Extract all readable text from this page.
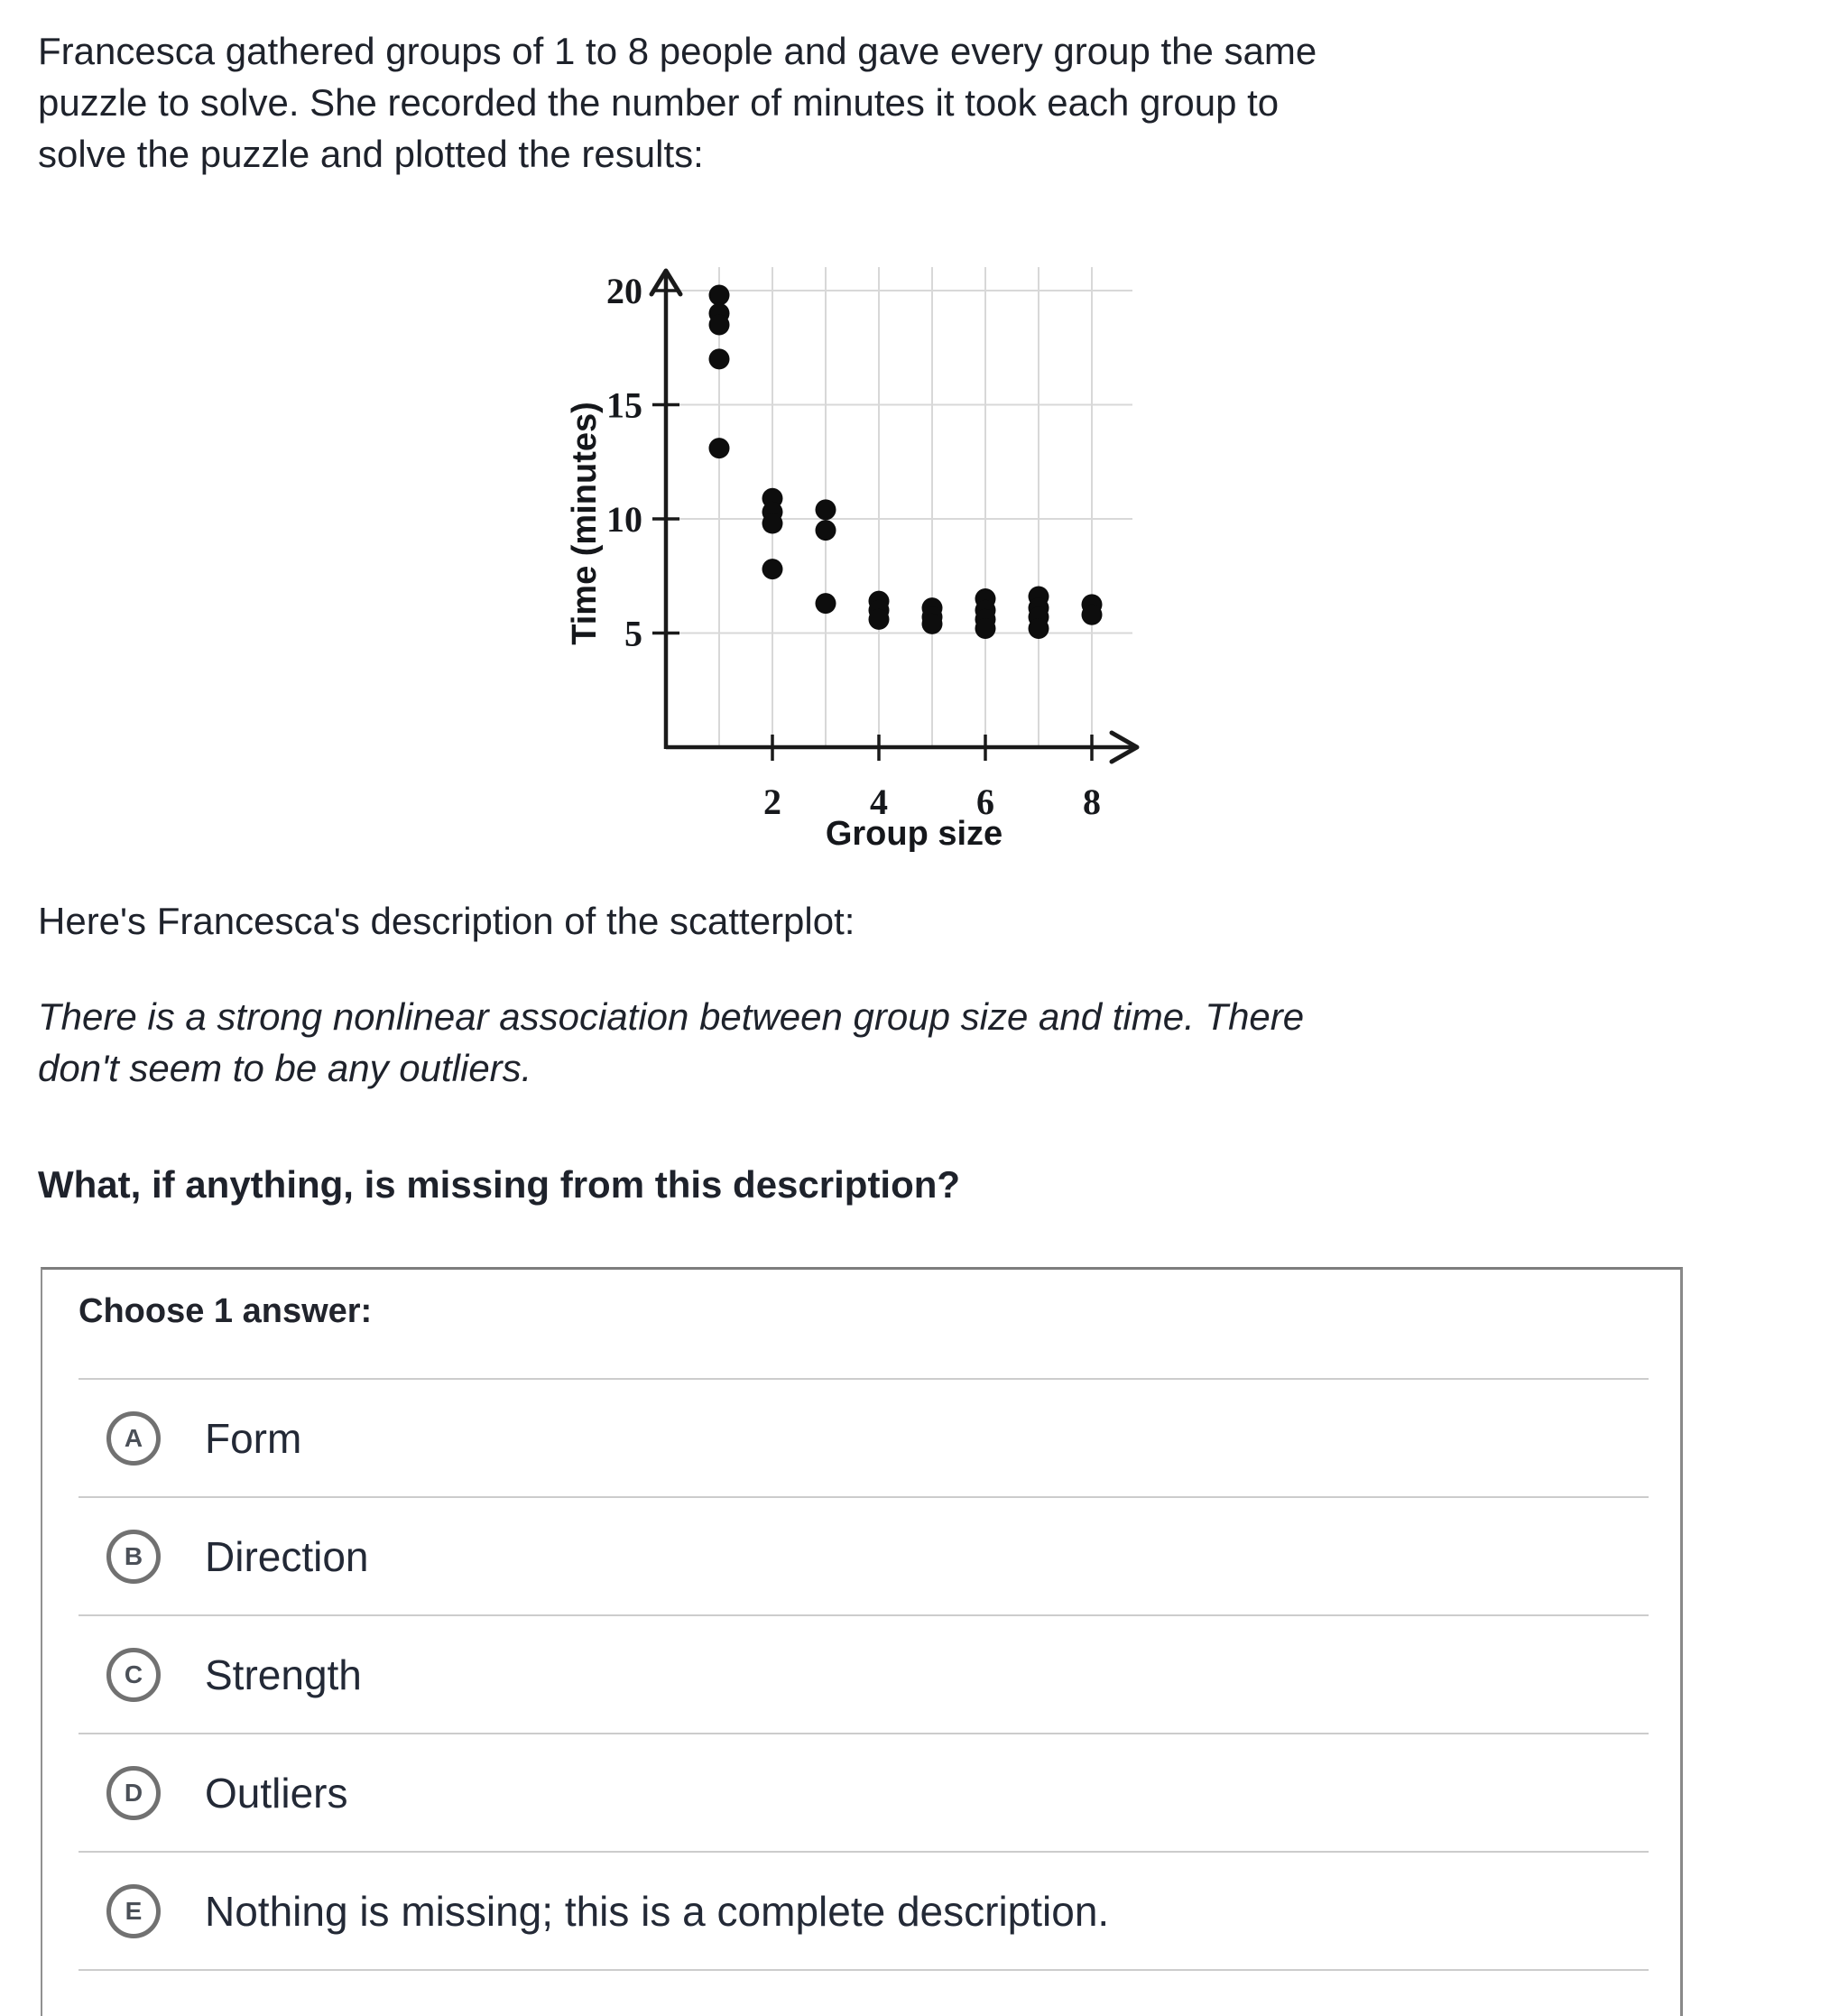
Francesca gathered groups of 1 to 8 people and gave every group the same
puzzle to solve. She recorded the number of minutes it took each group to
solve the puzzle and plotted the results:
2 4 6 8
5
10
15
20
Group size
Time (minutes)
Here's Francesca's description of the scatterplot:
There is a strong nonlinear association between group size and time. There
don't seem to be any outliers.
What, if anything, is missing from this description?
Choose 1 answer:
A Form
B Direction
C Strength
D Outliers
E Nothing is missing; this is a complete description.
